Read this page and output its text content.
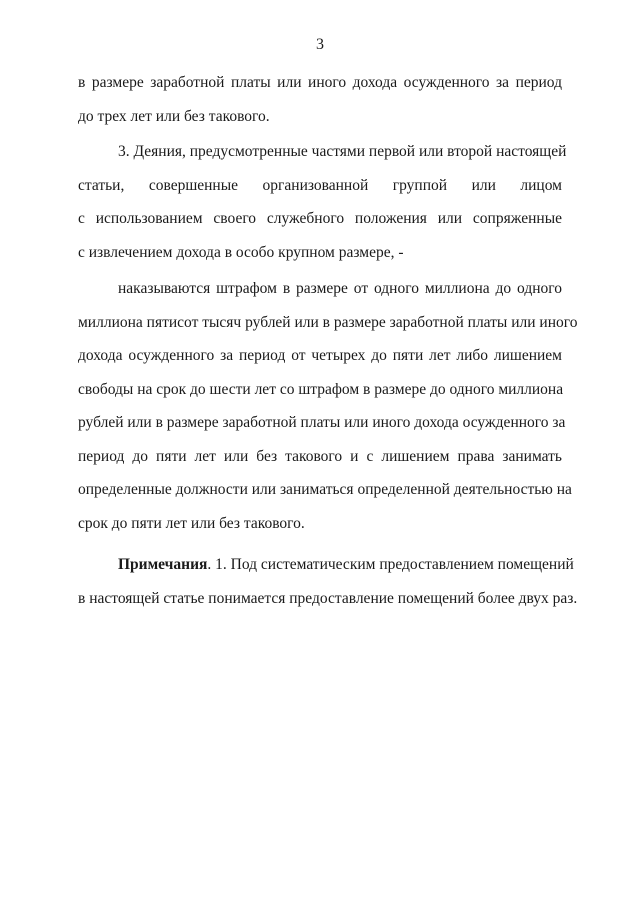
3
в размере заработной платы или иного дохода осужденного за период
до трех лет или без такового.
3. Деяния, предусмотренные частями первой или второй настоящей
статьи, совершенные организованной группой или лицом
с использованием своего служебного положения или сопряженные
с извлечением дохода в особо крупном размере, -
наказываются штрафом в размере от одного миллиона до одного
миллиона пятисот тысяч рублей или в размере заработной платы или иного
дохода осужденного за период от четырех до пяти лет либо лишением
свободы на срок до шести лет со штрафом в размере до одного миллиона
рублей или в размере заработной платы или иного дохода осужденного за
период до пяти лет или без такового и с лишением права занимать
определенные должности или заниматься определенной деятельностью на
срок до пяти лет или без такового.
Примечания. 1. Под систематическим предоставлением помещений
в настоящей статье понимается предоставление помещений более двух раз.
